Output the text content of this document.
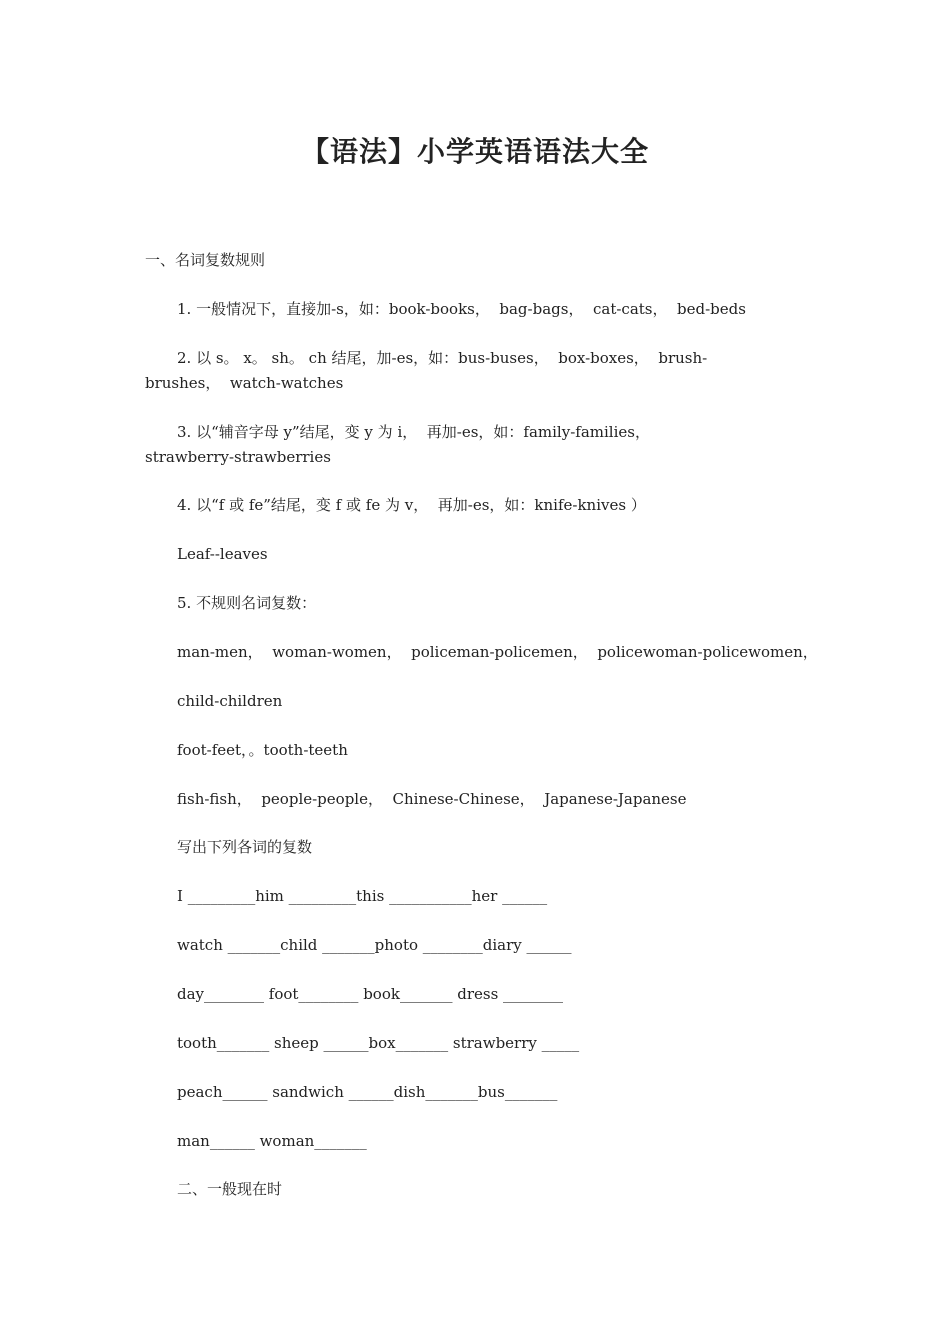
【语法】小学英语语法大全
一、名词复数规则
1. 一般情况下，直接加-s，如：book-books，  bag-bags，  cat-cats，  bed-beds
2. 以 s。 x。 sh。 ch 结尾，加-es，如：bus-buses，  box-boxes，  brush-
brushes，  watch-watches
3. 以“辅音字母 y”结尾，变 y 为 i，  再加-es，如：family-families，
strawberry-strawberries
4. 以“f 或 fe”结尾，变 f 或 fe 为 v，  再加-es，如：knife-knives ）
Leaf--leaves
5. 不规则名词复数：
man-men，  woman-women，  policeman-policemen，  policewoman-policewomen，
child-children
foot-feet，。tooth-teeth
fish-fish，  people-people，  Chinese-Chinese，  Japanese-Japanese
写出下列各词的复数
I _________him _________this ___________her ______
watch _______child _______photo ________diary ______
day________ foot________ book_______ dress ________
tooth_______ sheep ______box_______ strawberry _____
peach______ sandwich ______dish_______bus_______
man______ woman_______
二、一般现在时
